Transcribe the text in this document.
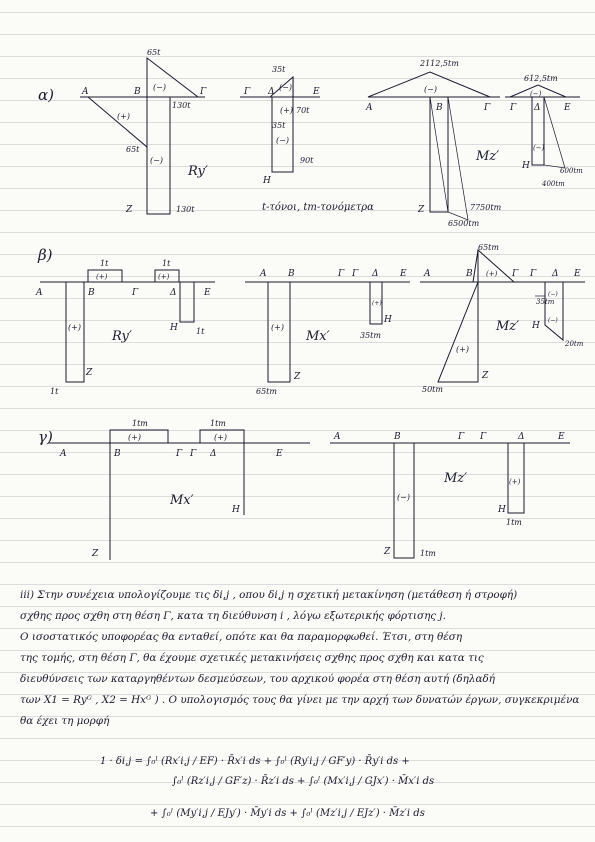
α)
65t
A	B	Γ
(−)
(+)
65t
130t
(−)
Ry′
Z	130t
35t
Γ Δ	E
(−)
70t
35t
(−)
(+)
90t
H
t-τόνοι, tm-τονόμετρα
2112,5tm
(−)
A	B	Γ
Mz′
Z	7750tm
6500tm
612,5tm
(−)
Γ Δ	E
(−)
H	600tm
400tm
β)	1t	1t
(+)	(+)
A	B	Γ	Δ	E
(+)
Ry′
H 1t
Z
1t
A B	Γ Γ Δ E
(+)
(+)
Mx′
H
35tm
Z
65tm
65tm
(+)
B
A	Γ Γ Δ E
35tm
(−)
(−)
H
20tm
Mz′
(+)
Z
50tm
γ)
1tm	1tm
(+)	(+)
A	B	Γ Γ Δ	E
Mx′
H
Z
A	B	Γ Γ	Δ	E
(+)
Mz′
(−)
H
1tm
Z	1tm
iii) Στην συνέχεια υπολογίζουμε τις δi,j , οπου δi,j η σχετική μετακίνηση (μετάθεση ή στροφή)
σχθης προς σχθη στη θέση Γ, κατα τη διεύθυνση i , λόγω εξωτερικής φόρτισης j.
Ο ισοστατικός υποφορέας θα ενταθεί, οπότε και θα παραμορφωθεί. Έτσι, στη θέση
της τομής, στη θέση Γ, θα έχουμε σχετικές μετακινήσεις σχθης προς σχθη και κατα τις
διευθύνσεις των καταργηθέντων δεσμεύσεων, του αρχικού φορέα στη θέση αυτή (δηλαδή
των X1 = Ryᴳ , X2 = Hxᴳ ) . Ο υπολογισμός τους θα γίνει με την αρχή των δυνατών έργων, συγκεκριμένα
θα έχει τη μορφή
1 · δi,j = ∫₀ˡ (Rx′i,j / EF) · R̄x′i ds + ∫₀ˡ (Ry′i,j / GF′y) · R̄y′i ds +
∫₀ˡ (Rz′i,j / GF′z) · R̄z′i ds + ∫₀ˡ (Mx′i,j / GJx′) · M̄x′i ds
+ ∫₀ˡ (My′i,j / EJy′) · M̄y′i ds + ∫₀ˡ (Mz′i,j / EJz′) · M̄z′i ds
